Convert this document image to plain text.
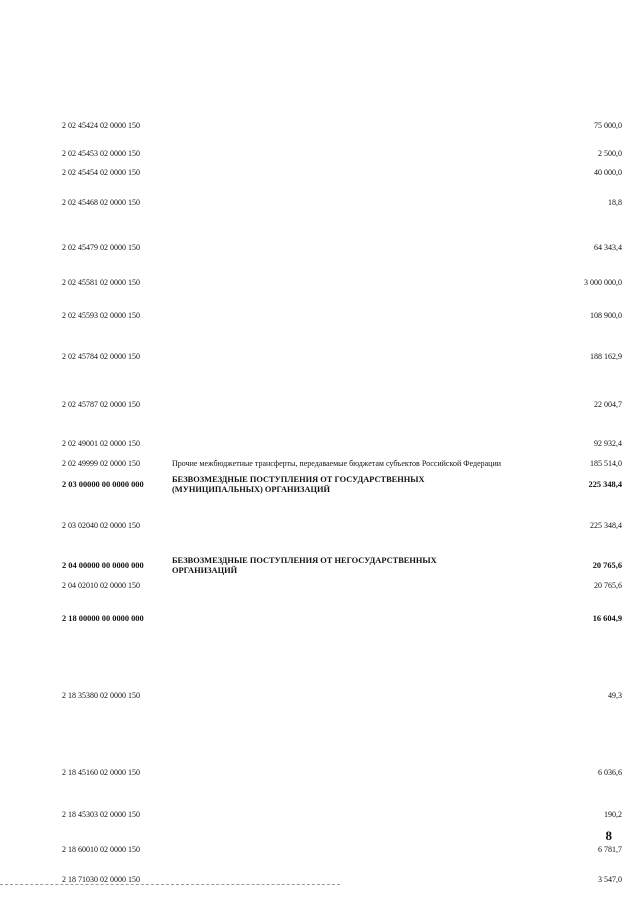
2 02 45424 02 0000 150		75 000,0
2 02 45453 02 0000 150		2 500,0
2 02 45454 02 0000 150		40 000,0
2 02 45468 02 0000 150		18,8
2 02 45479 02 0000 150		64 343,4
2 02 45581 02 0000 150		3 000 000,0
2 02 45593 02 0000 150		108 900,0
2 02 45784 02 0000 150		188 162,9
2 02 45787 02 0000 150		22 004,7
2 02 49001 02 0000 150		92 932,4
2 02 49999 02 0000 150	Прочие межбюджетные трансферты, передаваемые бюджетам субъектов Российской Федерации	185 514,0
2 03 00000 00 0000 000	БЕЗВОЗМЕЗДНЫЕ ПОСТУПЛЕНИЯ ОТ ГОСУДАРСТВЕННЫХ (МУНИЦИПАЛЬНЫХ) ОРГАНИЗАЦИЙ	225 348,4
2 03 02040 02 0000 150		225 348,4
2 04 00000 00 0000 000	БЕЗВОЗМЕЗДНЫЕ ПОСТУПЛЕНИЯ ОТ НЕГОСУДАРСТВЕННЫХ ОРГАНИЗАЦИЙ	20 765,6
2 04 02010 02 0000 150		20 765,6
2 18 00000 00 0000 000		16 604,9
2 18 35380 02 0000 150		49,3
2 18 45160 02 0000 150		6 036,6
2 18 45303 02 0000 150		190,2
2 18 60010 02 0000 150		6 781,7
2 18 71030 02 0000 150		3 547,0
8
